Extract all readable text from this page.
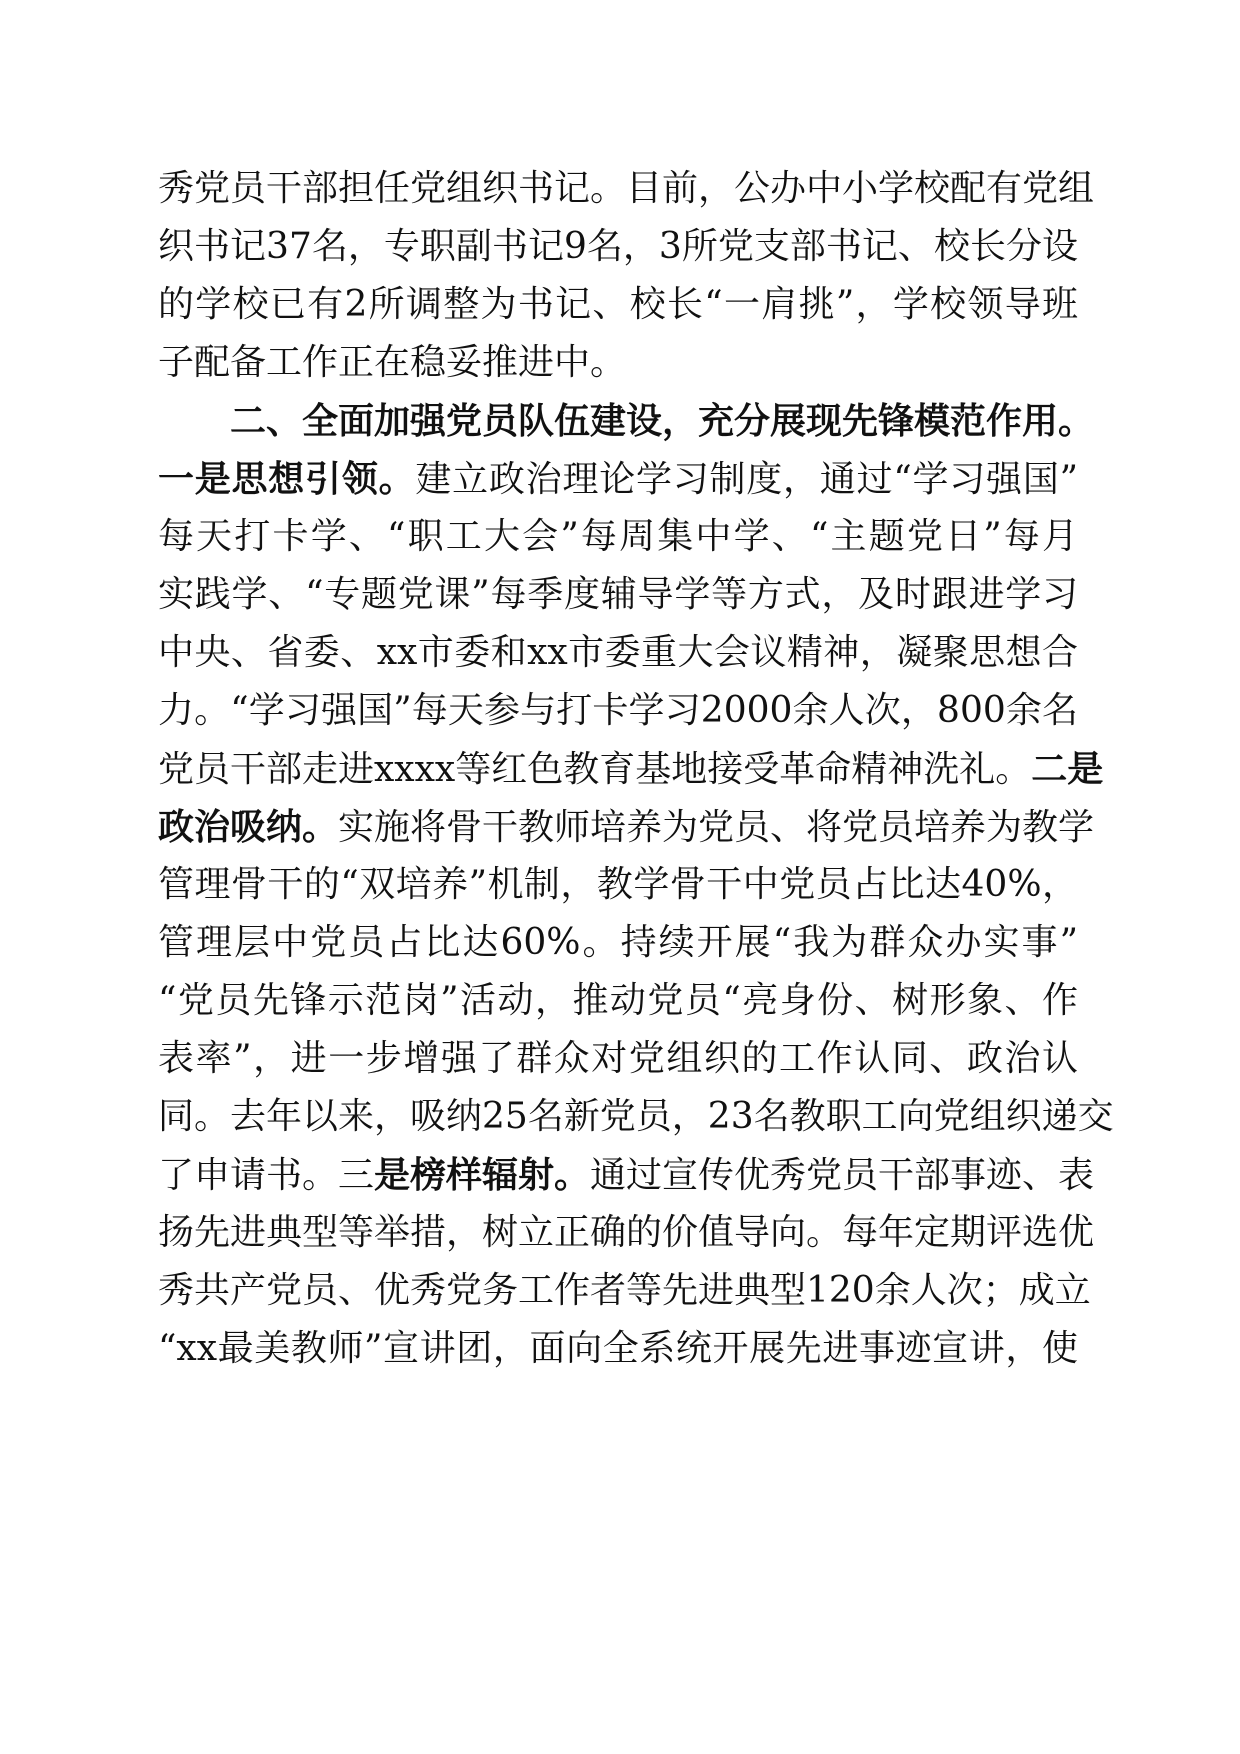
秀党员干部担任党组织书记。目前，公办中小学校配有党组
织书记37名，专职副书记9名，3所党支部书记、校长分设
的学校已有2所调整为书记、校长“一肩挑”，学校领导班
子配备工作正在稳妥推进中。
二、全面加强党员队伍建设，充分展现先锋模范作用。
一是思想引领。建立政治理论学习制度，通过“学习强国”
每天打卡学、“职工大会”每周集中学、“主题党日”每月
实践学、“专题党课”每季度辅导学等方式，及时跟进学习
中央、省委、xx市委和xx市委重大会议精神，凝聚思想合
力。“学习强国”每天参与打卡学习2000余人次，800余名
党员干部走进xxxx等红色教育基地接受革命精神洗礼。二是
政治吸纳。实施将骨干教师培养为党员、将党员培养为教学
管理骨干的“双培养”机制，教学骨干中党员占比达40%，
管理层中党员占比达60%。持续开展“我为群众办实事”
“党员先锋示范岗”活动，推动党员“亮身份、树形象、作
表率”，进一步增强了群众对党组织的工作认同、政治认
同。去年以来，吸纳25名新党员，23名教职工向党组织递交
了申请书。三是榜样辐射。通过宣传优秀党员干部事迹、表
扬先进典型等举措，树立正确的价值导向。每年定期评选优
秀共产党员、优秀党务工作者等先进典型120余人次；成立
“xx最美教师”宣讲团，面向全系统开展先进事迹宣讲，使
